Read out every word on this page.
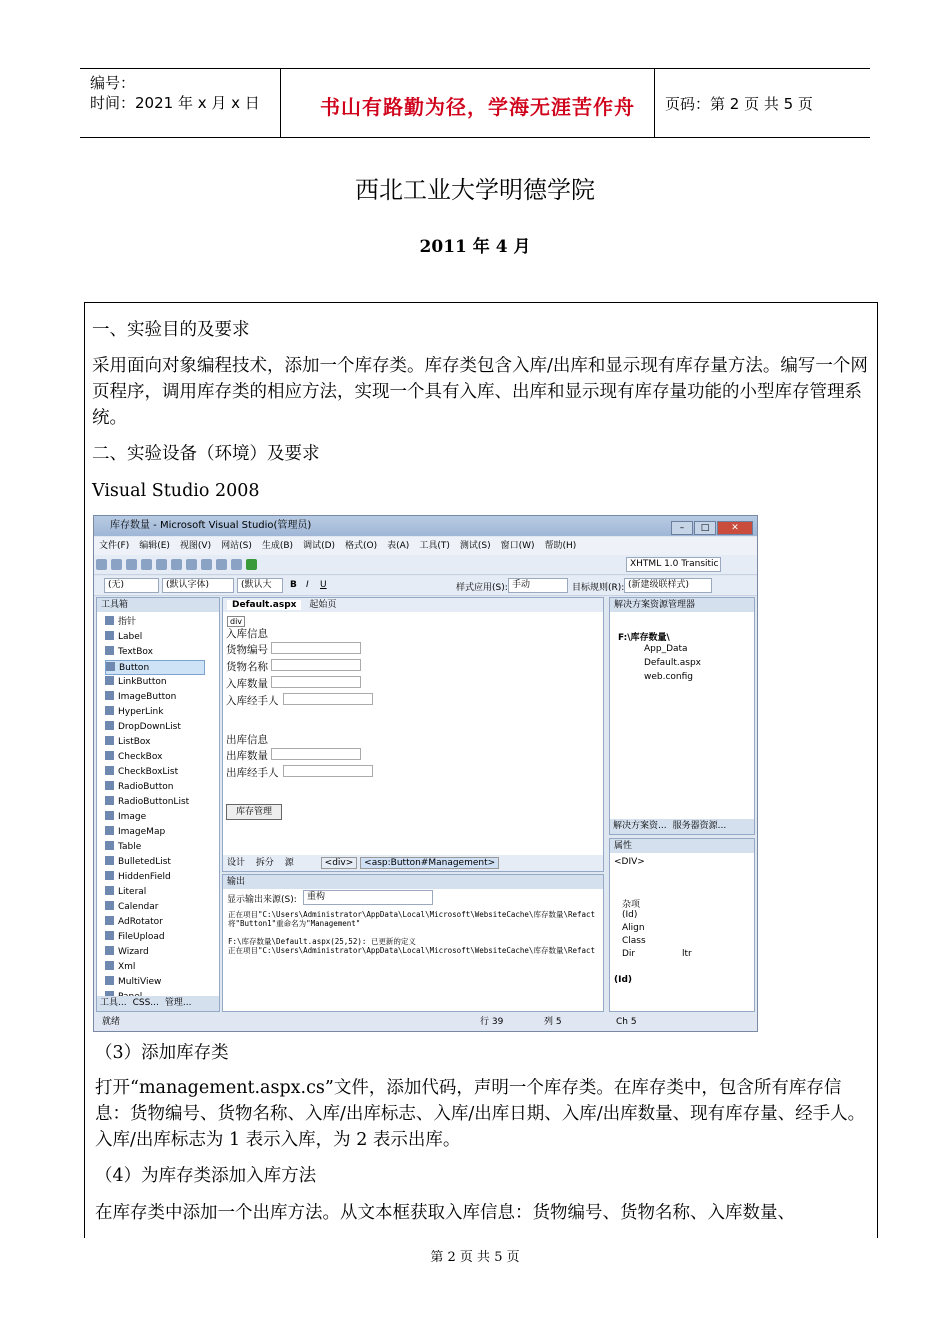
编号：
时间：2021 年 x 月 x 日	书山有路勤为径，学海无涯苦作舟	页码：第 2 页 共 5 页
西北工业大学明德学院
2011 年 4 月
一、实验目的及要求
采用面向对象编程技术，添加一个库存类。库存类包含入库/出库和显示现有库存量方法。编写一个网页程序，调用库存类的相应方法，实现一个具有入库、出库和显示现有库存量功能的小型库存管理系统。
二、实验设备（环境）及要求
Visual Studio 2008
（3）添加库存类
打开“management.aspx.cs”文件，添加代码，声明一个库存类。在库存类中，包含所有库存信息：货物编号、货物名称、入库/出库标志、入库/出库日期、入库/出库数量、现有库存量、经手人。入库/出库标志为 1 表示入库，为 2 表示出库。
（4）为库存类添加入库方法
在库存类中添加一个出库方法。从文本框获取入库信息：货物编号、货物名称、入库数量、
库存数量 - Microsoft Visual Studio(管理员)	– □ ✕
文件(F) 编辑(E) 视图(V) 网站(S) 生成(B) 调试(D) 格式(O) 表(A) 工具(T) 测试(S) 窗口(W) 帮助(H)
XHTML 1.0 Transitic
(无)	(默认字体)	(默认大	B I U	样式应用(S): 手动	目标规则(R): (新建级联样式)
工具箱
指针
Label
TextBox
Button
LinkButton
ImageButton
HyperLink
DropDownList
ListBox
CheckBox
CheckBoxList
RadioButton
RadioButtonList
Image
ImageMap
Table
BulletedList
HiddenField
Literal
Calendar
AdRotator
FileUpload
Wizard
Xml
MultiView
工具... CSS... 管理...
Default.aspx 起始页
div
入库信息
货物编号
货物名称
入库数量
入库经手人
出库信息
出库数量
出库经手人
库存管理
设计 拆分 源	<div> <asp:Button#Management>
输出
显示输出来源(S):	重构
正在项目"C:\Users\Administrator\AppData\Local\Microsoft\WebsiteCache\库存数量\Refact
将"Button1"重命名为"Management"
F:\库存数量\Default.aspx(25,52): 已更新的定义
正在项目"C:\Users\Administrator\AppData\Local\Microsoft\WebsiteCache\库存数量\Refact
解决方案资源管理器
F:\库存数量\
App_Data
Default.aspx
web.config
解决方案资... 服务器资源...
属性
<DIV>
杂项
(Id)
Align
Class
Dir	ltr
(Id)
就绪	行 39	列 5	Ch 5
第 2 页 共 5 页
